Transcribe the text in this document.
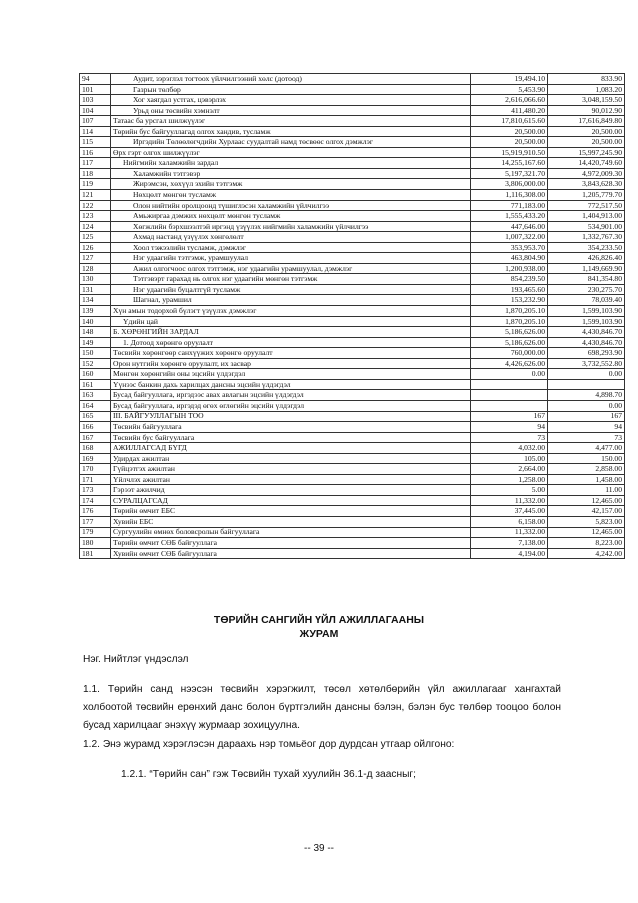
94	Аудит, зэрэглэл тогтоох үйлчилгээний хөлс (дотоод)	19,494.10	833.90
101	Газрын төлбөр	5,453.90	1,083.20
103	Хог хаягдал устгах, цэвэрлэх	2,616,066.60	3,048,159.50
104	Урьд оны төсвийн хэмнэлт	411,480.20	90,012.90
107	Татаас ба урсгал шилжүүлэг	17,810,615.60	17,616,849.80
114	Төрийн бус байгууллагад олгох хандив, тусламж	20,500.00	20,500.00
115	Иргэдийн Төлөөлөгчдийн Хурлаас суудалтай намд төсвөөс олгох дэмжлэг	20,500.00	20,500.00
116	Өрх гэрт олгох шилжүүлэг	15,919,910.50	15,997,245.90
117	Нийгмийн халамжийн зардал	14,255,167.60	14,420,749.60
118	Халамжийн тэтгэвэр	5,197,321.70	4,972,009.30
119	Жирэмсэн, хөхүүл эхийн тэтгэмж	3,806,000.00	3,843,628.30
121	Нөхцөлт мөнгөн тусламж	1,116,308.00	1,205,779.70
122	Олон нийтийн оролцоонд түшиглэсэн халамжийн үйлчилгээ	771,183.00	772,517.50
123	Амьжиргаа дэмжих нөхцөлт мөнгөн тусламж	1,555,433.20	1,404,913.00
124	Хөгжлийн бэрхшээлтэй иргэнд үзүүлэх нийгмийн халамжийн үйлчилгээ	447,646.00	534,901.00
125	Ахмад настанд үзүүлэх хөнгөлөлт	1,007,322.00	1,332,767.30
126	Хоол тэжээлийн тусламж, дэмжлэг	353,953.70	354,233.50
127	Нэг удаагийн тэтгэмж, урамшуулал	463,804.90	426,826.40
128	Ажил олгогчоос олгох тэтгэмж, нэг удаагийн урамшуулал, дэмжлэг	1,200,938.00	1,149,669.90
130	Тэтгэвэрт гарахад нь олгох нэг удаагийн мөнгөн тэтгэмж	854,239.50	841,354.80
131	Нэг удаагийн буцалтгүй тусламж	193,465.60	230,275.70
134	Шагнал, урамшил	153,232.90	78,039.40
139	Хүн амын тодорхой бүлэгт үзүүлэх дэмжлэг	1,870,205.10	1,599,103.90
140	Үдийн цай	1,870,205.10	1,599,103.90
148	Б. ХӨРӨНГИЙН ЗАРДАЛ	5,186,626.00	4,430,846.70
149	1. Дотоод хөрөнгө оруулалт	5,186,626.00	4,430,846.70
150	Төсвийн хөрөнгөөр санхүүжих хөрөнгө оруулалт	760,000.00	698,293.90
152	Орон нутгийн хөрөнгө оруулалт, их засвар	4,426,626.00	3,732,552.80
160	Мөнгөн хөрөнгийн оны эцсийн үлдэгдэл	0.00	0.00
161	Үүнээс банкин дахь харилцах дансны эцсийн үлдэгдэл		
163	Бусад байгууллага, иргэдээс авах авлагын эцсийн үлдэгдэл		4,898.70
164	Бусад байгууллага, иргэдэд өгөх өглөгийн эцсийн үлдэгдэл		0.00
165	III. БАЙГУУЛЛАГЫН ТОО	167	167
166	Төсвийн байгууллага	94	94
167	Төсвийн бус байгууллага	73	73
168	АЖИЛЛАГСАД БҮГД	4,032.00	4,477.00
169	Удирдах ажилтан	105.00	150.00
170	Гүйцэтгэх ажилтан	2,664.00	2,858.00
171	Үйлчлэх ажилтан	1,258.00	1,458.00
173	Гэрээт ажилчид	5.00	11.00
174	СУРАЛЦАГСАД	11,332.00	12,465.00
176	Төрийн өмчит ЕБС	37,445.00	42,157.00
177	Хувийн ЕБС	6,158.00	5,823.00
179	Сургуулийн өмнөх боловсролын байгууллага	11,332.00	12,465.00
180	Төрийн өмчит СӨБ байгууллага	7,138.00	8,223.00
181	Хувийн өмчит СӨБ байгууллага	4,194.00	4,242.00
ТӨРИЙН САНГИЙН ҮЙЛ АЖИЛЛАГААНЫ
ЖУРАМ
Нэг. Нийтлэг үндэслэл
1.1. Төрийн санд нээсэн төсвийн хэрэгжилт, төсөл хөтөлбөрийн үйл ажиллагааг хангахтай холбоотой төсвийн ерөнхий данс болон бүртгэлийн дансны бэлэн, бэлэн бус төлбөр тооцоо болон бусад харилцааг энэхүү журмаар зохицуулна.
1.2. Энэ журамд хэрэглэсэн дараахь нэр томьёог дор дурдсан утгаар ойлгоно:
1.2.1. “Төрийн сан” гэж Төсвийн тухай хуулийн 36.1-д заасныг;
-- 39 --
